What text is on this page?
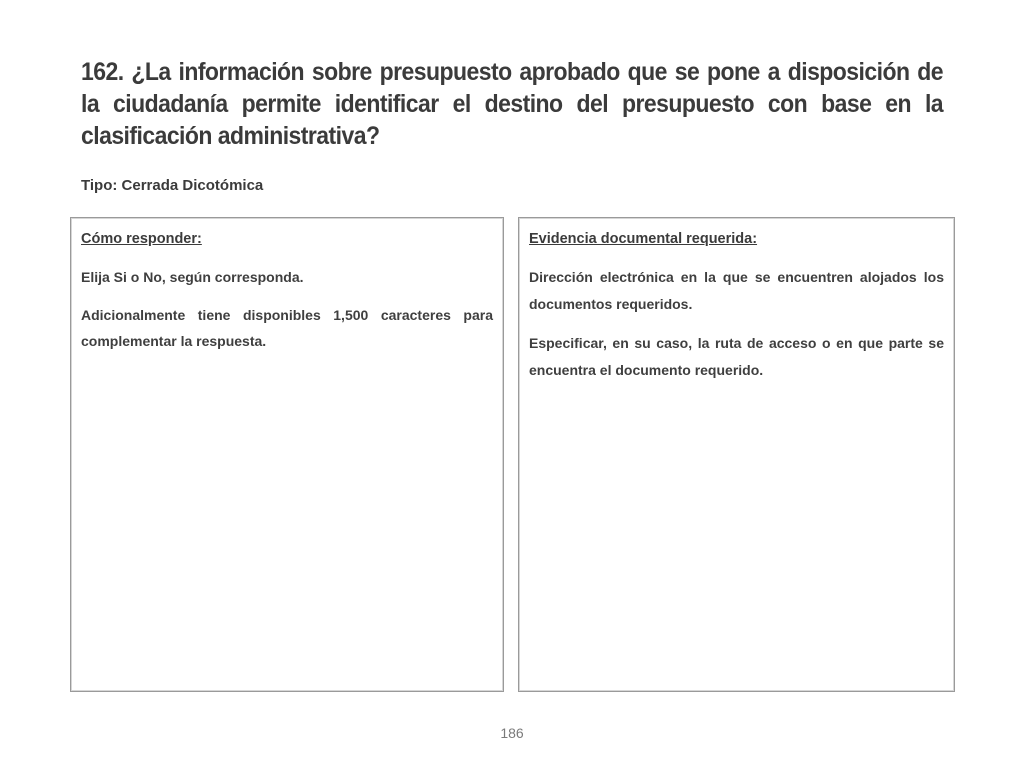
162. ¿La información sobre presupuesto aprobado que se pone a disposición de la ciudadanía permite identificar el destino del presupuesto con base en la clasificación administrativa?

Tipo: Cerrada Dicotómica

Cómo responder:

Elija Si o No, según corresponda.

Adicionalmente tiene disponibles 1,500 caracteres para complementar la respuesta.

Evidencia documental requerida:

Dirección electrónica en la que se encuentren alojados los documentos requeridos.

Especificar, en su caso, la ruta de acceso o en que parte se encuentra el documento requerido.

186
